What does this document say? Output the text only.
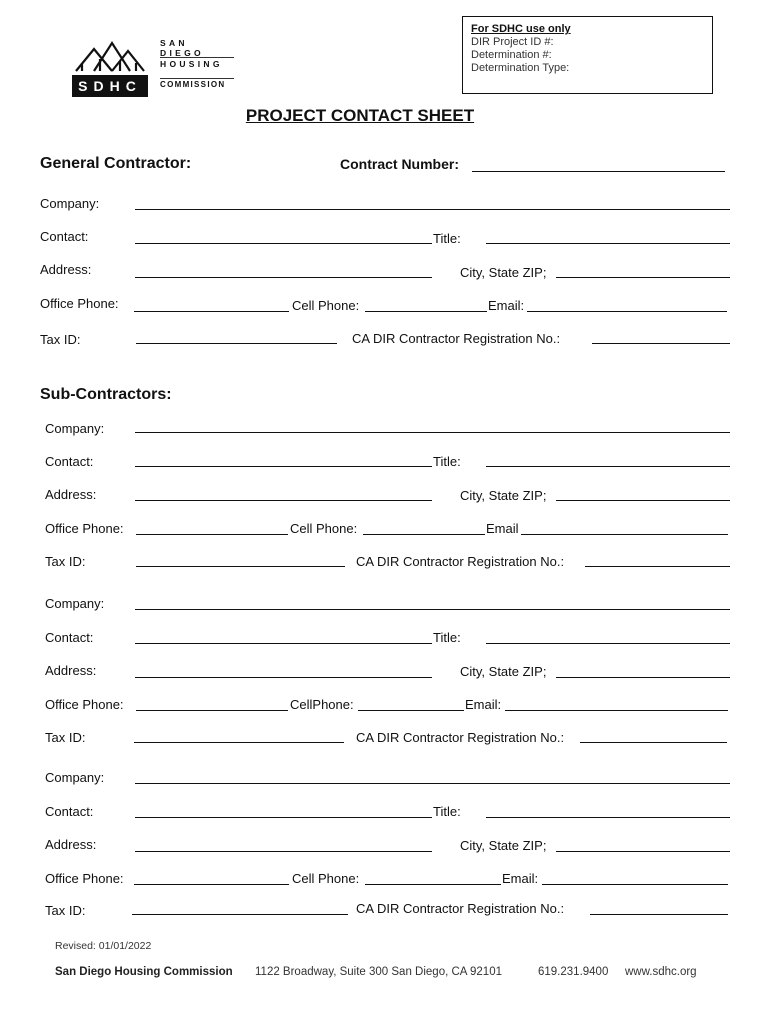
SDHC
SAN DIEGO
HOUSING
COMMISSION
For SDHC use only
DIR Project ID #:
Determination #:
Determination Type:
PROJECT CONTACT SHEET
General Contractor:	Contract Number:
Company:
Contact:	Title:
Address:	City, State ZIP;
Office Phone:	Cell Phone:	Email:
Tax ID:	CA DIR Contractor Registration No.:
Sub-Contractors:
Company:
Contact:	Title:
Address:	City, State ZIP;
Office Phone:	Cell Phone:	Email
Tax ID:	CA DIR Contractor Registration No.:
Company:
Contact:	Title:
Address:	City, State ZIP;
Office Phone:	CellPhone:	Email:
Tax ID:	CA DIR Contractor Registration No.:
Company:
Contact:	Title:
Address:	City, State ZIP;
Office Phone:	Cell Phone:	Email:
Tax ID:	CA DIR Contractor Registration No.:
Revised: 01/01/2022
San Diego Housing Commission 1122 Broadway, Suite 300 San Diego, CA 92101	619.231.9400 www.sdhc.org
